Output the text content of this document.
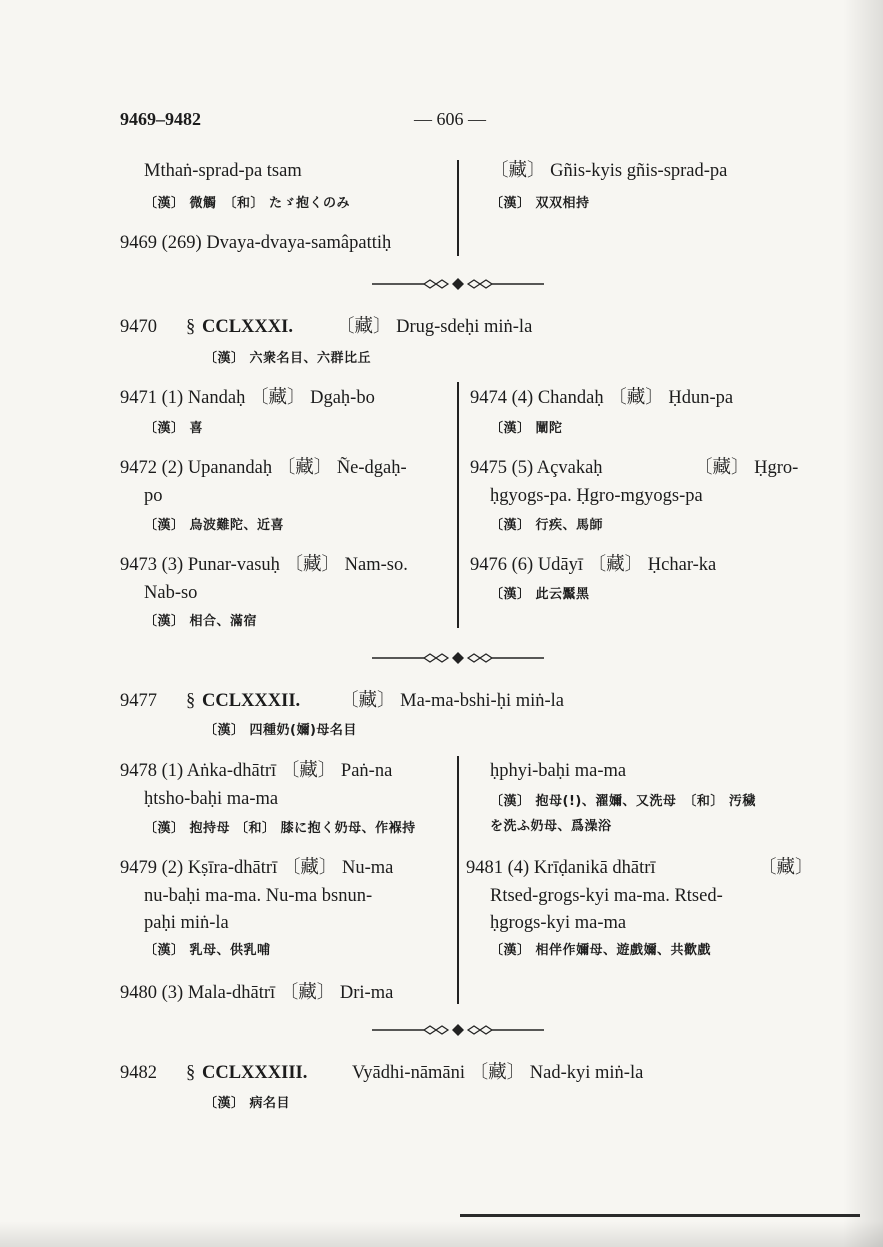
9469–9482	— 606 —
Mthaṅ-sprad-pa tsam
〔漢〕 微觸　〔和〕 たゞ抱くのみ
9469 (269) Dvaya-dvaya-samâpattiḥ
〔藏〕 Gñis-kyis gñis-sprad-pa
〔漢〕 双双相持
9470 § CCLXXXI. 〔藏〕 Drug-sdeḥi miṅ-la
〔漢〕 六衆名目、六群比丘
9471 (1) Nandaḥ 〔藏〕 Dgaḥ-bo
〔漢〕 喜
9472 (2) Upanandaḥ 〔藏〕 Ñe-dgaḥ-
po
〔漢〕 烏波難陀、近喜
9473 (3) Punar-vasuḥ 〔藏〕 Nam-so.
Nab-so
〔漢〕 相合、滿宿
9474 (4) Chandaḥ 〔藏〕 Ḥdun-pa
〔漢〕 闡陀
9475 (5) Açvakaḥ	〔藏〕 Ḥgro-
ḥgyogs-pa. Ḥgro-mgyogs-pa
〔漢〕 行疾、馬師
9476 (6) Udāyī 〔藏〕 Ḥchar-ka
〔漢〕 此云黶黑
9477 § CCLXXXII. 〔藏〕 Ma-ma-bshi-ḥi miṅ-la
〔漢〕 四種奶(嬭)母名目
9478 (1) Aṅka-dhātrī 〔藏〕 Paṅ-na
ḥtsho-baḥi ma-ma
〔漢〕 抱持母 〔和〕 膝に抱く奶母、作褓持
9479 (2) Kṣīra-dhātrī 〔藏〕 Nu-ma
nu-baḥi ma-ma. Nu-ma bsnun-
paḥi miṅ-la
〔漢〕 乳母、供乳哺
9480 (3) Mala-dhātrī 〔藏〕 Dri-ma
ḥphyi-baḥi ma-ma
〔漢〕 抱母(!)、濯嬭、又洗母　〔和〕 汚穢
を洗ふ奶母、爲澡浴
9481 (4) Krīḍanikā dhātrī	〔藏〕
Rtsed-grogs-kyi ma-ma. Rtsed-
ḥgrogs-kyi ma-ma
〔漢〕 相伴作嬭母、遊戲嬭、共歡戲
9482 § CCLXXXIII. Vyādhi-nāmāni 〔藏〕 Nad-kyi miṅ-la
〔漢〕 病名目
